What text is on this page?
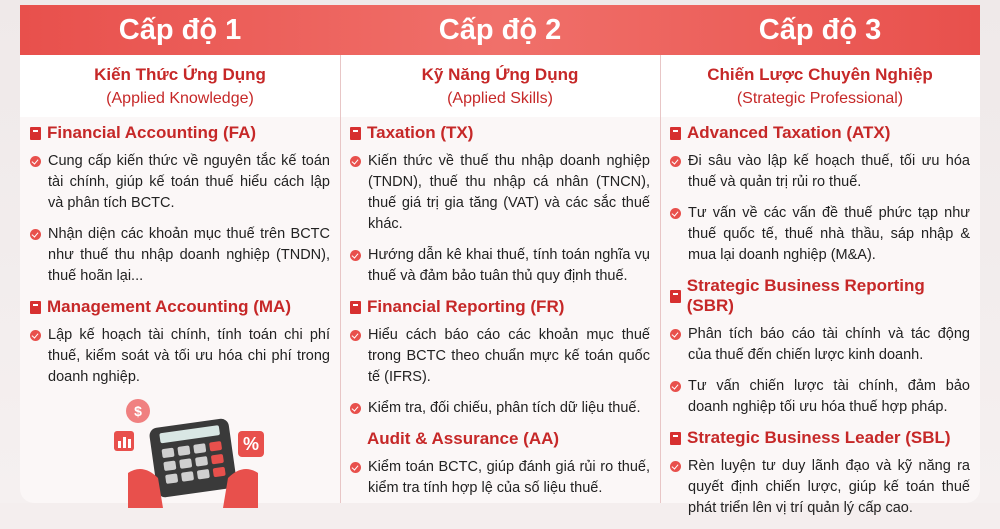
Cấp độ 1	Cấp độ 2	Cấp độ 3
Kiến Thức Ứng Dụng
(Applied Knowledge)
Kỹ Năng Ứng Dụng
(Applied Skills)
Chiến Lược Chuyên Nghiệp
(Strategic Professional)
Financial Accounting (FA)
Cung cấp kiến thức về nguyên tắc kế toán tài chính, giúp kế toán thuế hiểu cách lập và phân tích BCTC.
Nhận diện các khoản mục thuế trên BCTC như thuế thu nhập doanh nghiệp (TNDN), thuế hoãn lại...
Management Accounting (MA)
Lập kế hoạch tài chính, tính toán chi phí thuế, kiểm soát và tối ưu hóa chi phí trong doanh nghiệp.
Taxation (TX)
Kiến thức về thuế thu nhập doanh nghiệp (TNDN), thuế thu nhập cá nhân (TNCN), thuế giá trị gia tăng (VAT) và các sắc thuế khác.
Hướng dẫn kê khai thuế, tính toán nghĩa vụ thuế và đảm bảo tuân thủ quy định thuế.
Financial Reporting (FR)
Hiểu cách báo cáo các khoản mục thuế trong BCTC theo chuẩn mực kế toán quốc tế (IFRS).
Kiểm tra, đối chiếu, phân tích dữ liệu thuế.
Audit & Assurance (AA)
Kiểm toán BCTC, giúp đánh giá rủi ro thuế, kiểm tra tính hợp lệ của số liệu thuế.
Advanced Taxation (ATX)
Đi sâu vào lập kế hoạch thuế, tối ưu hóa thuế và quản trị rủi ro thuế.
Tư vấn về các vấn đề thuế phức tạp như thuế quốc tế, thuế nhà thầu, sáp nhập & mua lại doanh nghiệp (M&A).
Strategic Business Reporting (SBR)
Phân tích báo cáo tài chính và tác động của thuế đến chiến lược kinh doanh.
Tư vấn chiến lược tài chính, đảm bảo doanh nghiệp tối ưu hóa thuế hợp pháp.
Strategic Business Leader (SBL)
Rèn luyện tư duy lãnh đạo và kỹ năng ra quyết định chiến lược, giúp kế toán thuế phát triển lên vị trí quản lý cấp cao.
$
%
